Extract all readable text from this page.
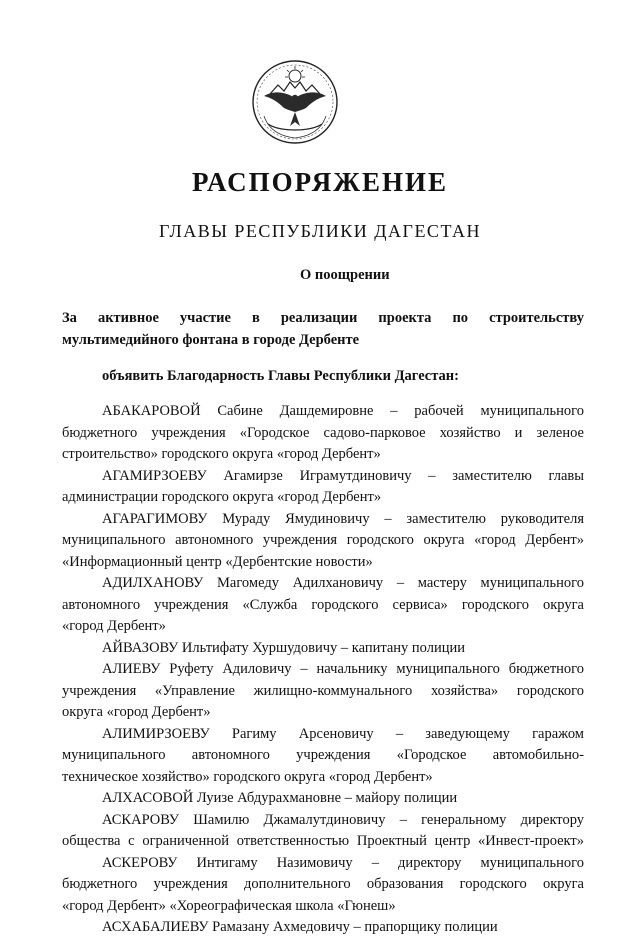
РАСПОРЯЖЕНИЕ
ГЛАВЫ РЕСПУБЛИКИ ДАГЕСТАН
О поощрении
За активное участие в реализации проекта по строительству
мультимедийного фонтана в городе Дербенте
объявить Благодарность Главы Республики Дагестан:
АБАКАРОВОЙ Сабине Дашдемировне – рабочей муниципального
бюджетного учреждения «Городское садово-парковое хозяйство и зеленое
строительство» городского округа «город Дербент»
АГАМИРЗОЕВУ Агамирзе Играмутдиновичу – заместителю главы
администрации городского округа «город Дербент»
АГАРАГИМОВУ Мураду Ямудиновичу – заместителю руководителя
муниципального автономного учреждения городского округа «город Дербент»
«Информационный центр «Дербентские новости»
АДИЛХАНОВУ Магомеду Адилхановичу – мастеру муниципального
автономного учреждения «Служба городского сервиса» городского округа
«город Дербент»
АЙВАЗОВУ Ильтифату Хуршудовичу – капитану полиции
АЛИЕВУ Руфету Адиловичу – начальнику муниципального бюджетного
учреждения «Управление жилищно-коммунального хозяйства» городского
округа «город Дербент»
АЛИМИРЗОЕВУ Рагиму Арсеновичу – заведующему гаражом
муниципального автономного учреждения «Городское автомобильно-
техническое хозяйство» городского округа «город Дербент»
АЛХАСОВОЙ Луизе Абдурахмановне – майору полиции
АСКАРОВУ Шамилю Джамалутдиновичу – генеральному директору
общества с ограниченной ответственностью Проектный центр «Инвест-проект»
АСКЕРОВУ Интигаму Назимовичу – директору муниципального
бюджетного учреждения дополнительного образования городского округа
«город Дербент» «Хореографическая школа «Гюнеш»
АСХАБАЛИЕВУ Рамазану Ахмедовичу – прапорщику полиции
